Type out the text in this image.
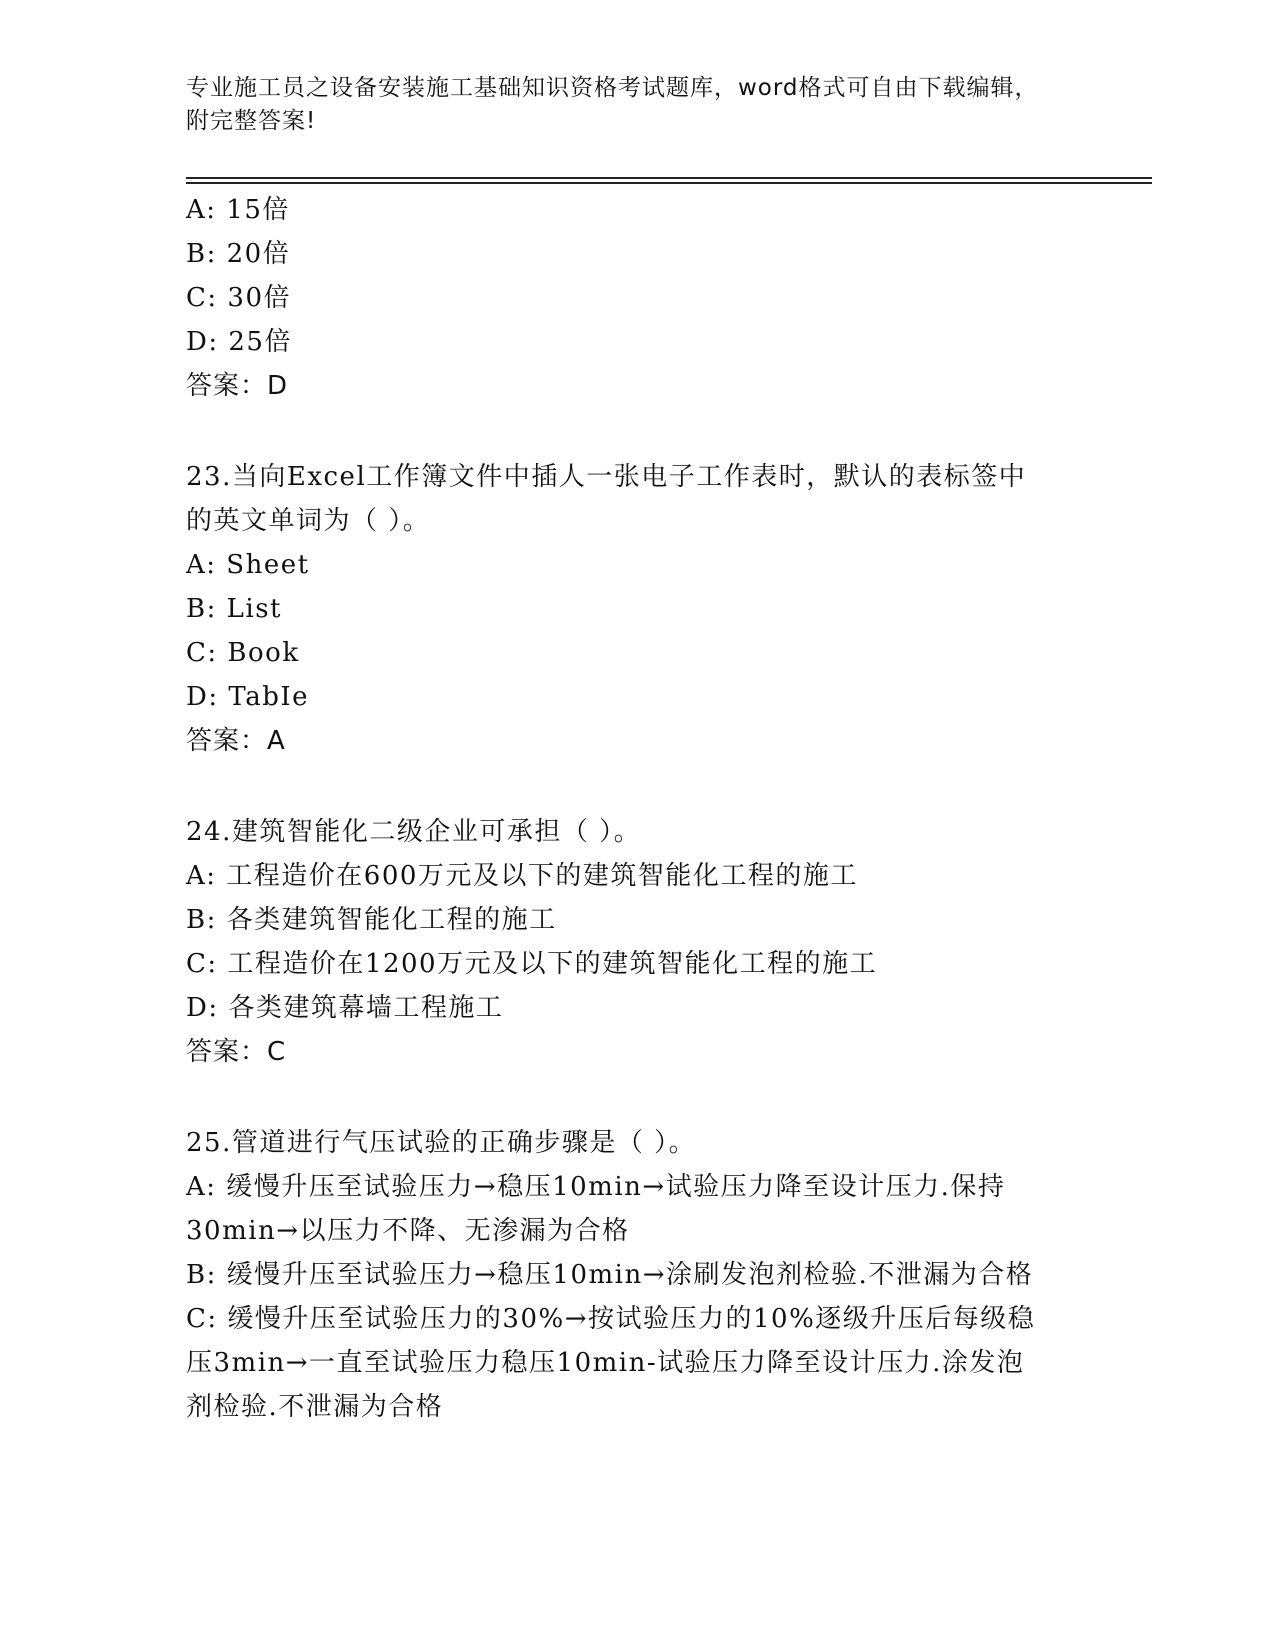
专业施工员之设备安装施工基础知识资格考试题库，word格式可自由下载编辑，
附完整答案!
A: 15倍
B: 20倍
C: 30倍
D: 25倍
答案：D
23.当向Excel工作簿文件中插人一张电子工作表时，默认的表标签中
的英文单词为（ ）。
A: Sheet
B: List
C: Book
D: TabIe
答案：A
24.建筑智能化二级企业可承担（ ）。
A: 工程造价在600万元及以下的建筑智能化工程的施工
B: 各类建筑智能化工程的施工
C: 工程造价在1200万元及以下的建筑智能化工程的施工
D: 各类建筑幕墙工程施工
答案：C
25.管道进行气压试验的正确步骤是（ ）。
A: 缓慢升压至试验压力→稳压10min→试验压力降至设计压力.保持
30min→以压力不降、无渗漏为合格
B: 缓慢升压至试验压力→稳压10min→涂刷发泡剂检验.不泄漏为合格
C: 缓慢升压至试验压力的30%→按试验压力的10%逐级升压后每级稳
压3min→一直至试验压力稳压10min-试验压力降至设计压力.涂发泡
剂检验.不泄漏为合格
